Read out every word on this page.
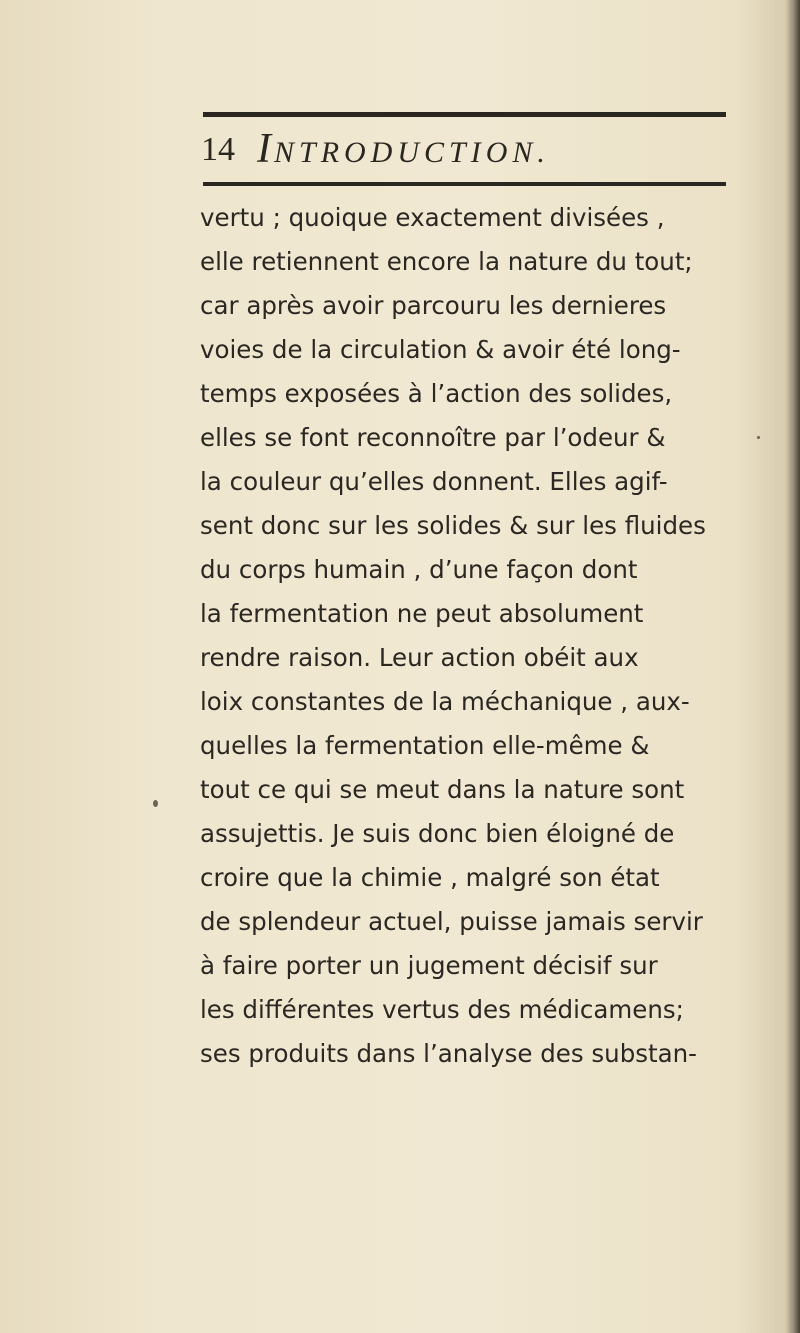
14 INTRODUCTION.
vertu ; quoique exactement divisées ,
elle retiennent encore la nature du tout;
car après avoir parcouru les dernieres
voies de la circulation & avoir été long-
temps exposées à l’action des solides,
elles se font reconnoître par l’odeur &
la couleur qu’elles donnent. Elles agif-
sent donc sur les solides & sur les fluides
du corps humain , d’une façon dont
la fermentation ne peut absolument
rendre raison. Leur action obéit aux
loix constantes de la méchanique , aux-
quelles la fermentation elle-même &
tout ce qui se meut dans la nature sont
assujettis. Je suis donc bien éloigné de
croire que la chimie , malgré son état
de splendeur actuel, puisse jamais servir
à faire porter un jugement décisif sur
les différentes vertus des médicamens;
ses produits dans l’analyse des substan-
